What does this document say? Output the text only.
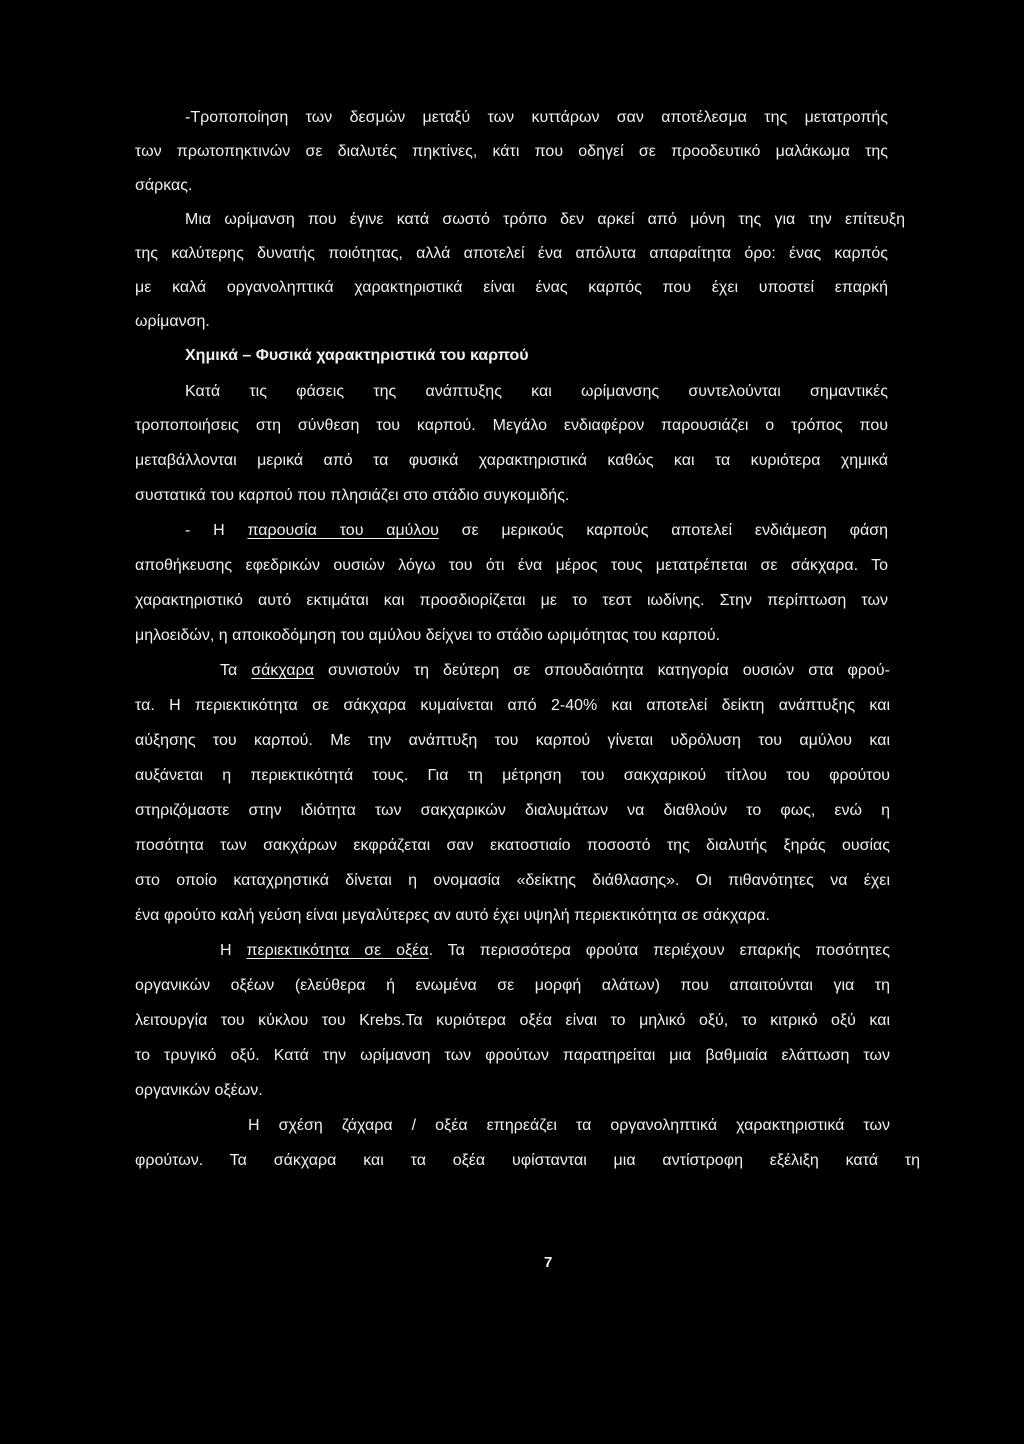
-Τροποποίηση των δεσμών μεταξύ των κυττάρων σαν αποτέλεσμα της μετατροπής
των πρωτοπηκτινών σε διαλυτές πηκτίνες, κάτι που οδηγεί σε προοδευτικό μαλάκωμα της
σάρκας.
Μια ωρίμανση που έγινε κατά σωστό τρόπο δεν αρκεί από μόνη της για την επίτευξη
της καλύτερης δυνατής ποιότητας, αλλά αποτελεί ένα απόλυτα απαραίτητα όρο: ένας καρπός
με καλά οργανοληπτικά χαρακτηριστικά είναι ένας καρπός που έχει υποστεί επαρκή
ωρίμανση.
Χημικά – Φυσικά χαρακτηριστικά του καρπού
Κατά τις φάσεις της ανάπτυξης και ωρίμανσης συντελούνται σημαντικές
τροποποιήσεις στη σύνθεση του καρπού. Μεγάλο ενδιαφέρον παρουσιάζει ο τρόπος που
μεταβάλλονται μερικά από τα φυσικά χαρακτηριστικά καθώς και τα κυριότερα χημικά
συστατικά του καρπού που πλησιάζει στο στάδιο συγκομιδής.
- Η παρουσία του αμύλου σε μερικούς καρπούς αποτελεί ενδιάμεση φάση
αποθήκευσης εφεδρικών ουσιών λόγω του ότι ένα μέρος τους μετατρέπεται σε σάκχαρα. Το
χαρακτηριστικό αυτό εκτιμάται και προσδιορίζεται με το τεστ ιωδίνης. Στην περίπτωση των
μηλοειδών, η αποικοδόμηση του αμύλου δείχνει το στάδιο ωριμότητας του καρπού.
Τα σάκχαρα συνιστούν τη δεύτερη σε σπουδαιότητα κατηγορία ουσιών στα φρού-
τα. Η περιεκτικότητα σε σάκχαρα κυμαίνεται από 2-40% και αποτελεί δείκτη ανάπτυξης και
αύξησης του καρπού. Με την ανάπτυξη του καρπού γίνεται υδρόλυση του αμύλου και
αυξάνεται η περιεκτικότητά τους. Για τη μέτρηση του σακχαρικού τίτλου του φρούτου
στηριζόμαστε στην ιδιότητα των σακχαρικών διαλυμάτων να διαθλούν το φως, ενώ η
ποσότητα των σακχάρων εκφράζεται σαν εκατοστιαίο ποσοστό της διαλυτής ξηράς ουσίας
στο οποίο καταχρηστικά δίνεται η ονομασία «δείκτης διάθλασης». Οι πιθανότητες να έχει
ένα φρούτο καλή γεύση είναι μεγαλύτερες αν αυτό έχει υψηλή περιεκτικότητα σε σάκχαρα.
Η περιεκτικότητα σε οξέα. Τα περισσότερα φρούτα περιέχουν επαρκής ποσότητες
οργανικών οξέων (ελεύθερα ή ενωμένα σε μορφή αλάτων) που απαιτούνται για τη
λειτουργία του κύκλου του Krebs.Τα κυριότερα οξέα είναι το μηλικό οξύ, το κιτρικό οξύ και
το τρυγικό οξύ. Κατά την ωρίμανση των φρούτων παρατηρείται μια βαθμιαία ελάττωση των
οργανικών οξέων.
Η σχέση ζάχαρα / οξέα επηρεάζει τα οργανοληπτικά χαρακτηριστικά των
φρούτων. Τα σάκχαρα και τα οξέα υφίστανται μια αντίστροφη εξέλιξη κατά τη
7
